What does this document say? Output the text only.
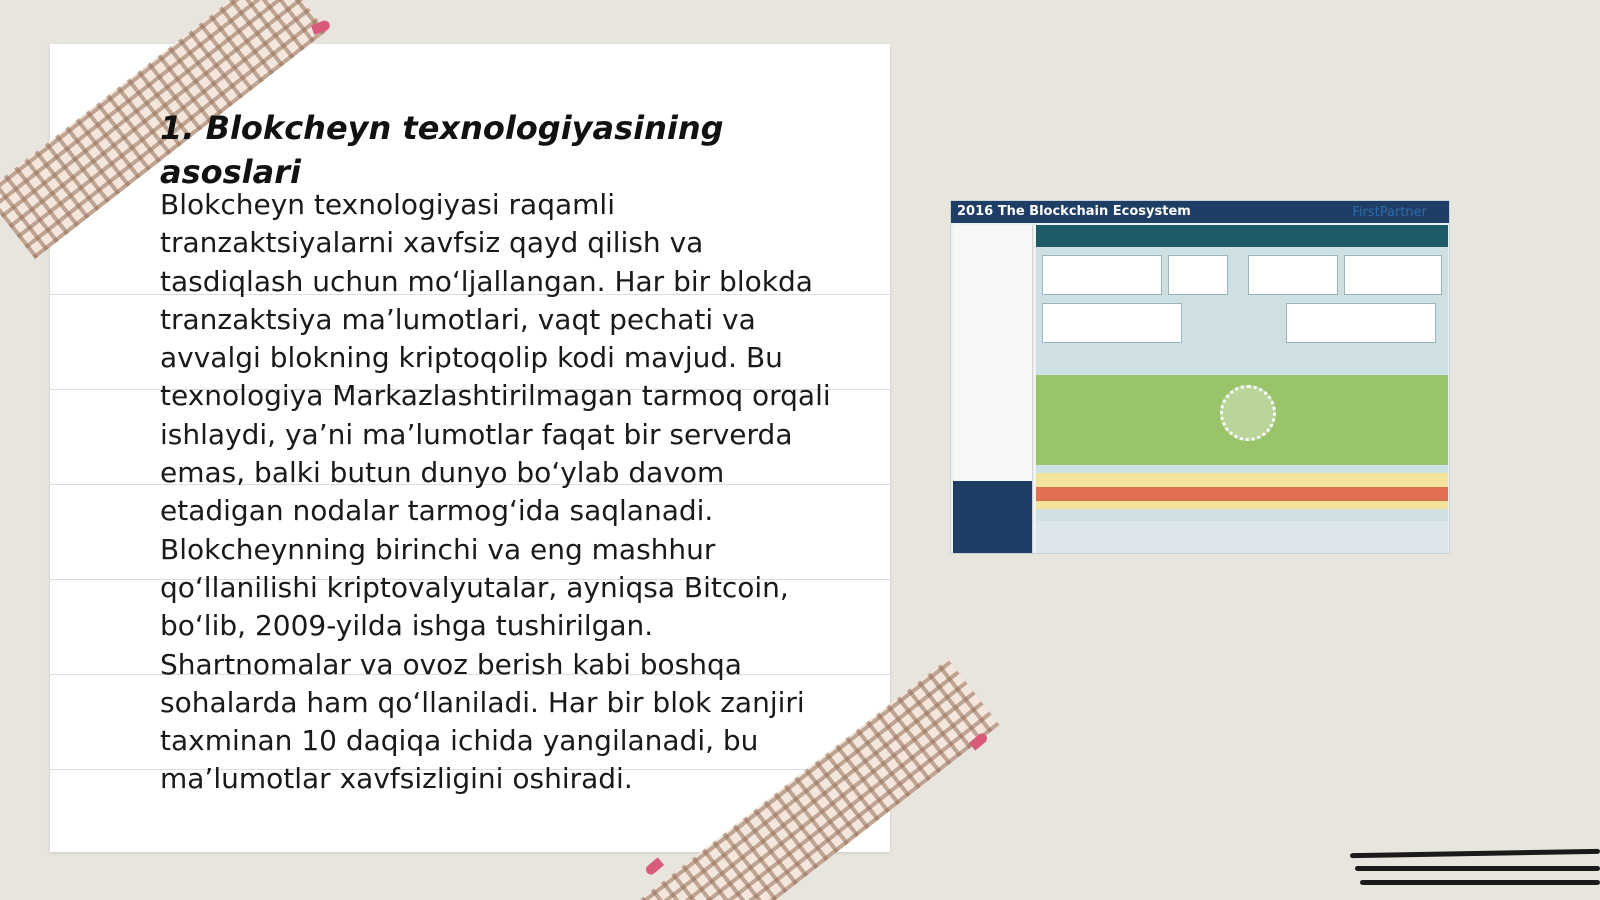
1. Blokcheyn texnologiyasining asoslari
Blokcheyn texnologiyasi raqamli tranzaktsiyalarni xavfsiz qayd qilish va tasdiqlash uchun mo‘ljallangan. Har bir blokda tranzaktsiya ma’lumotlari, vaqt pechati va avvalgi blokning kriptoqolip kodi mavjud. Bu texnologiya Markazlashtirilmagan tarmoq orqali ishlaydi, ya’ni ma’lumotlar faqat bir serverda emas, balki butun dunyo bo‘ylab davom etadigan nodalar tarmog‘ida saqlanadi. Blokcheynning birinchi va eng mashhur qo‘llanilishi kriptovalyutalar, ayniqsa Bitcoin, bo‘lib, 2009-yilda ishga tushirilgan. Shartnomalar va ovoz berish kabi boshqa sohalarda ham qo‘llaniladi. Har bir blok zanjiri taxminan 10 daqiqa ichida yangilanadi, bu ma’lumotlar xavfsizligini oshiradi.
2016 The Blockchain Ecosystem	FirstPartner
